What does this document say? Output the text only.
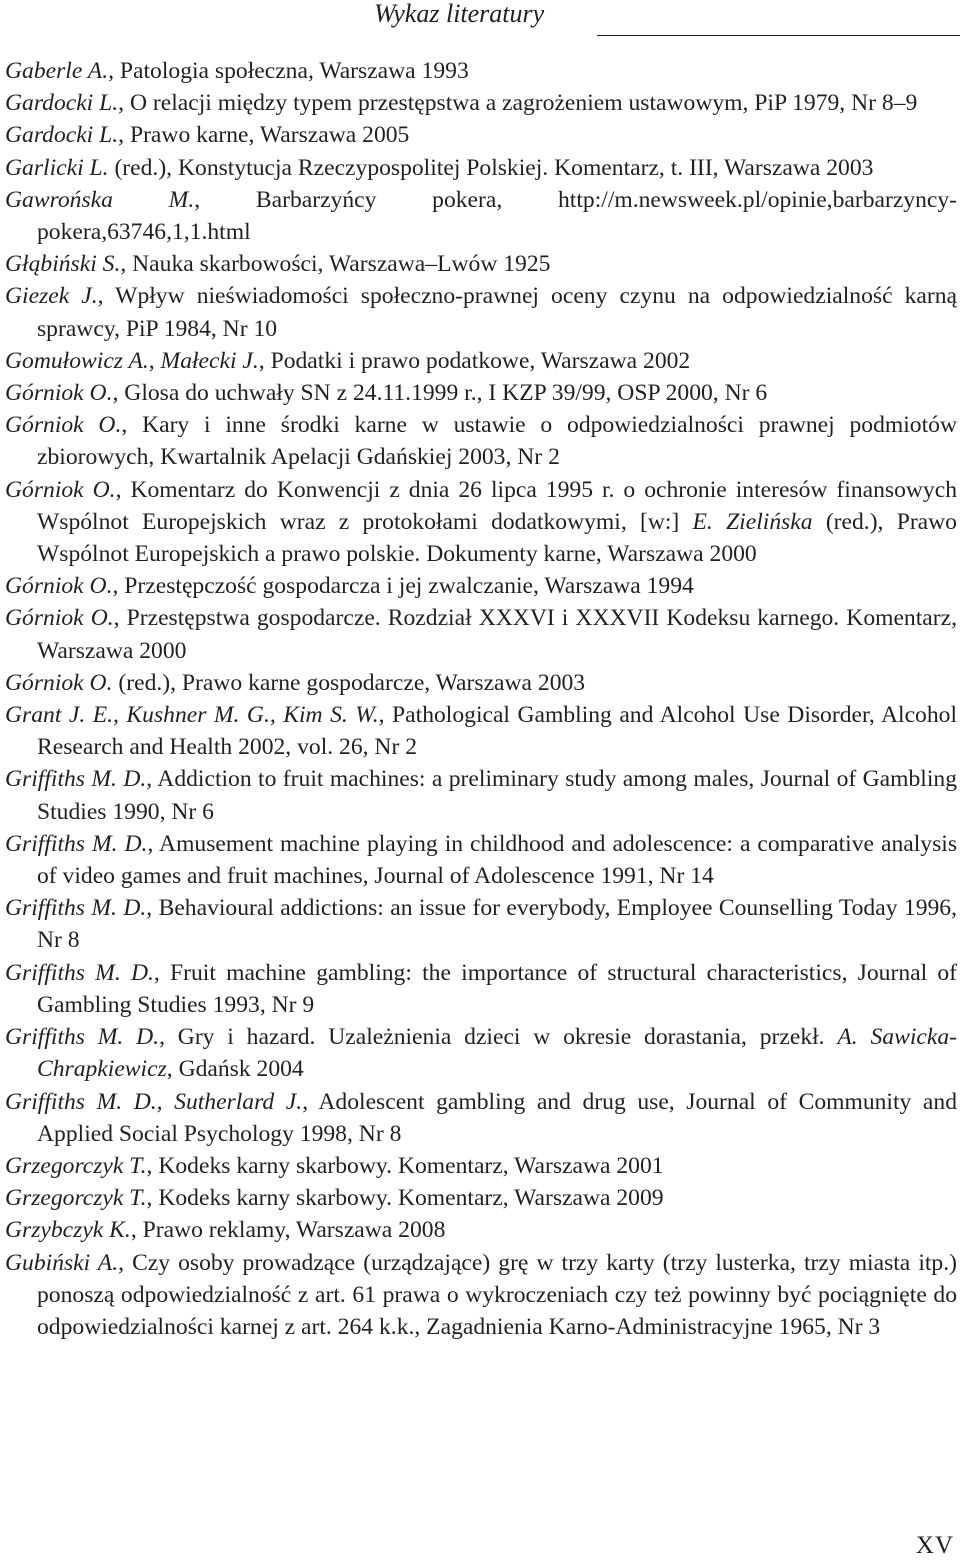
Wykaz literatury
Gaberle A., Patologia społeczna, Warszawa 1993
Gardocki L., O relacji między typem przestępstwa a zagrożeniem ustawowym, PiP 1979, Nr 8–9
Gardocki L., Prawo karne, Warszawa 2005
Garlicki L. (red.), Konstytucja Rzeczypospolitej Polskiej. Komentarz, t. III, Warszawa 2003
Gawrońska M., Barbarzyńcy pokera, http://m.newsweek.pl/opinie,barbarzyncy-pokera,63746,1,1.html
Głąbiński S., Nauka skarbowości, Warszawa–Lwów 1925
Giezek J., Wpływ nieświadomości społeczno-prawnej oceny czynu na odpowiedzialność karną sprawcy, PiP 1984, Nr 10
Gomułowicz A., Małecki J., Podatki i prawo podatkowe, Warszawa 2002
Górniok O., Glosa do uchwały SN z 24.11.1999 r., I KZP 39/99, OSP 2000, Nr 6
Górniok O., Kary i inne środki karne w ustawie o odpowiedzialności prawnej podmiotów zbiorowych, Kwartalnik Apelacji Gdańskiej 2003, Nr 2
Górniok O., Komentarz do Konwencji z dnia 26 lipca 1995 r. o ochronie interesów finansowych Wspólnot Europejskich wraz z protokołami dodatkowymi, [w:] E. Zielińska (red.), Prawo Wspólnot Europejskich a prawo polskie. Dokumenty karne, Warszawa 2000
Górniok O., Przestępczość gospodarcza i jej zwalczanie, Warszawa 1994
Górniok O., Przestępstwa gospodarcze. Rozdział XXXVI i XXXVII Kodeksu karnego. Komentarz, Warszawa 2000
Górniok O. (red.), Prawo karne gospodarcze, Warszawa 2003
Grant J. E., Kushner M. G., Kim S. W., Pathological Gambling and Alcohol Use Disorder, Alcohol Research and Health 2002, vol. 26, Nr 2
Griffiths M. D., Addiction to fruit machines: a preliminary study among males, Journal of Gambling Studies 1990, Nr 6
Griffiths M. D., Amusement machine playing in childhood and adolescence: a comparative analysis of video games and fruit machines, Journal of Adolescence 1991, Nr 14
Griffiths M. D., Behavioural addictions: an issue for everybody, Employee Counselling Today 1996, Nr 8
Griffiths M. D., Fruit machine gambling: the importance of structural characteristics, Journal of Gambling Studies 1993, Nr 9
Griffiths M. D., Gry i hazard. Uzależnienia dzieci w okresie dorastania, przekł. A. Sawicka-Chrapkiewicz, Gdańsk 2004
Griffiths M. D., Sutherlard J., Adolescent gambling and drug use, Journal of Community and Applied Social Psychology 1998, Nr 8
Grzegorczyk T., Kodeks karny skarbowy. Komentarz, Warszawa 2001
Grzegorczyk T., Kodeks karny skarbowy. Komentarz, Warszawa 2009
Grzybczyk K., Prawo reklamy, Warszawa 2008
Gubiński A., Czy osoby prowadzące (urządzające) grę w trzy karty (trzy lusterka, trzy miasta itp.) ponoszą odpowiedzialność z art. 61 prawa o wykroczeniach czy też powinny być pociągnięte do odpowiedzialności karnej z art. 264 k.k., Zagadnienia Karno-Administracyjne 1965, Nr 3
XV
